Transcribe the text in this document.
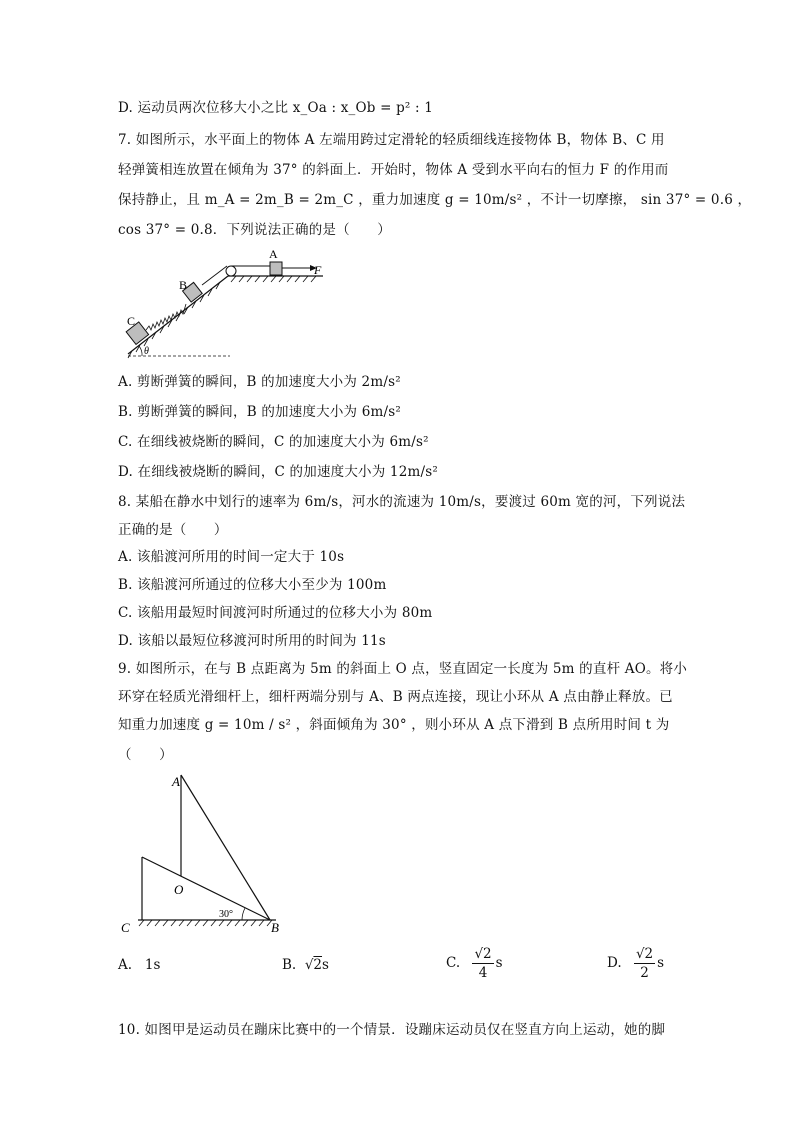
D. 运动员两次位移大小之比 x_Oa : x_Ob = p² : 1
7. 如图所示，水平面上的物体 A 左端用跨过定滑轮的轻质细线连接物体 B，物体 B、C 用
轻弹簧相连放置在倾角为 37° 的斜面上．开始时，物体 A 受到水平向右的恒力 F 的作用而
保持静止，且 m_A = 2m_B = 2m_C ，重力加速度 g = 10m/s² ，不计一切摩擦， sin 37° = 0.6 ，
cos 37° = 0.8．下列说法正确的是（　　）
θ
A
B
C
F
A. 剪断弹簧的瞬间，B 的加速度大小为 2m/s²
B. 剪断弹簧的瞬间，B 的加速度大小为 6m/s²
C. 在细线被烧断的瞬间，C 的加速度大小为 6m/s²
D. 在细线被烧断的瞬间，C 的加速度大小为 12m/s²
8. 某船在静水中划行的速率为 6m/s，河水的流速为 10m/s，要渡过 60m 宽的河，下列说法
正确的是（　　）
A. 该船渡河所用的时间一定大于 10s
B. 该船渡河所通过的位移大小至少为 100m
C. 该船用最短时间渡河时所通过的位移大小为 80m
D. 该船以最短位移渡河时所用的时间为 11s
9. 如图所示，在与 B 点距离为 5m 的斜面上 O 点，竖直固定一长度为 5m 的直杆 AO。将小
环穿在轻质光滑细杆上，细杆两端分别与 A、B 两点连接，现让小环从 A 点由静止释放。已
知重力加速度 g = 10m / s² ，斜面倾角为 30° ，则小环从 A 点下滑到 B 点所用时间 t 为
（　　）
A
O
C	B
30°
A. 1s	B. √2s	C. $\frac{√2}{4}$ s	D. $\frac{√2}{2}$ s
10. 如图甲是运动员在蹦床比赛中的一个情景．设蹦床运动员仅在竖直方向上运动，她的脚
